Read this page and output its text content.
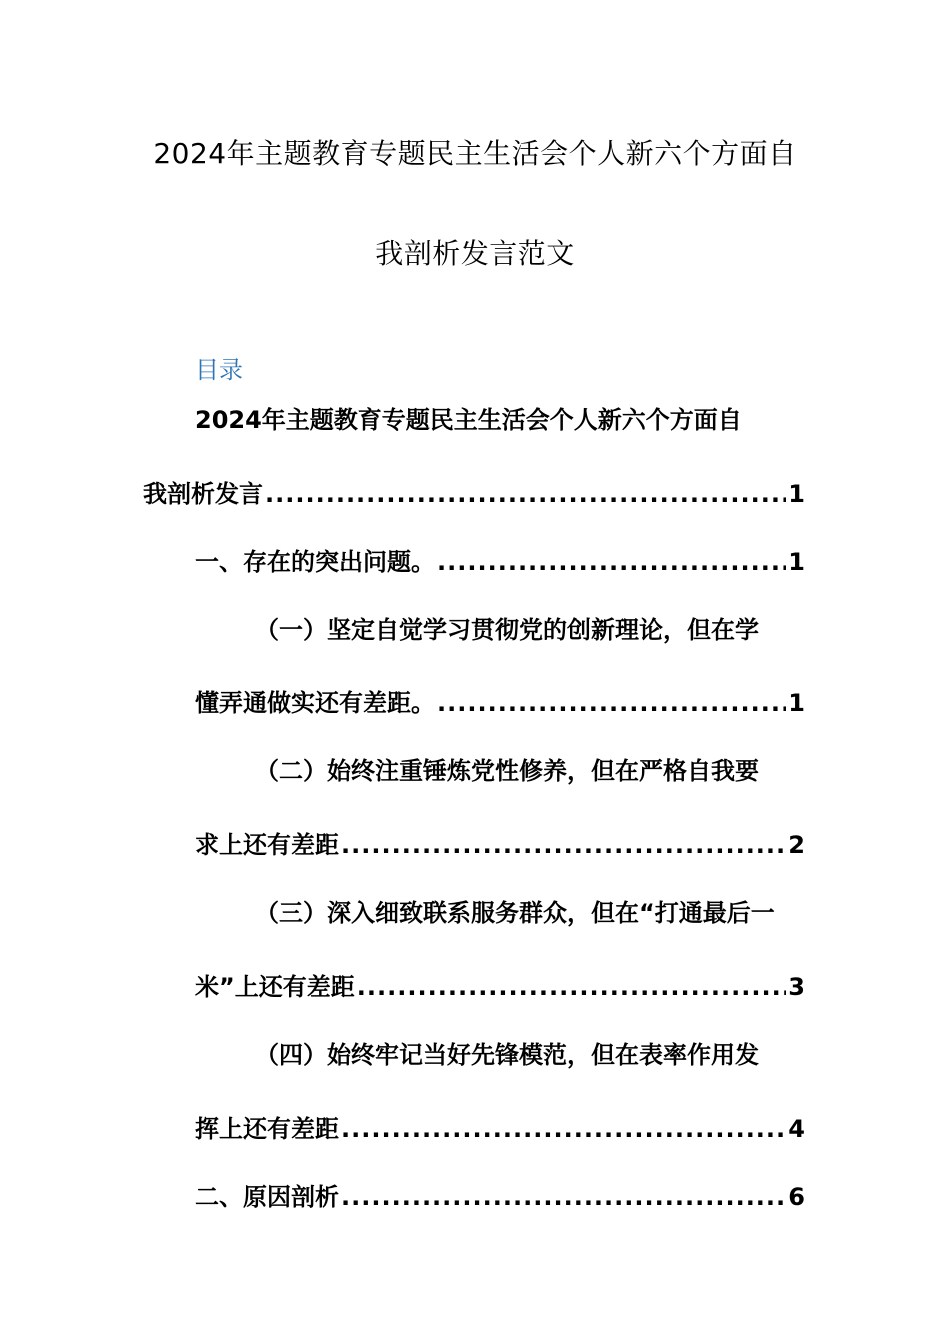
2024年主题教育专题民主生活会个人新六个方面自
我剖析发言范文
目录
2024年主题教育专题民主生活会个人新六个方面自
我剖析发言 .....	1
一、存在的突出问题。 .....	1
（一）坚定自觉学习贯彻党的创新理论，但在学
懂弄通做实还有差距。 .....	1
（二）始终注重锤炼党性修养，但在严格自我要
求上还有差距 .....	2
（三）深入细致联系服务群众，但在“打通最后一
米”上还有差距 .....	3
（四）始终牢记当好先锋模范，但在表率作用发
挥上还有差距 .....	4
二、原因剖析 .....	6
